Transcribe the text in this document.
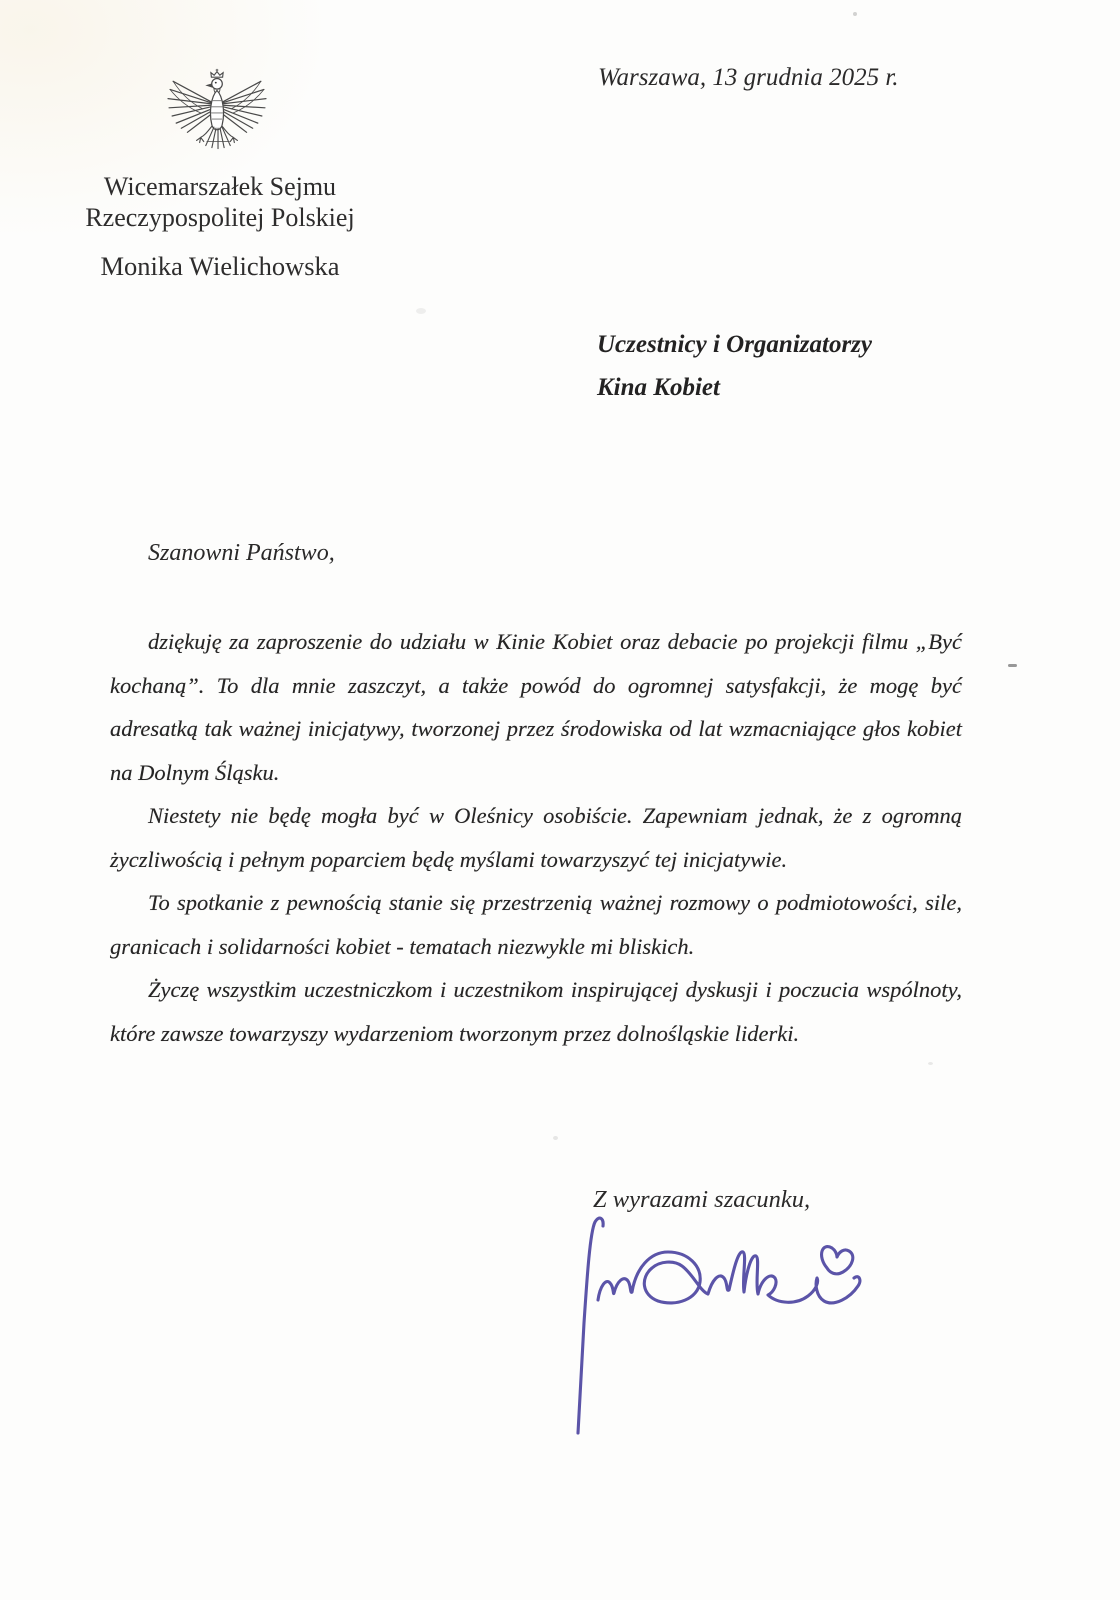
Warszawa, 13 grudnia 2025 r.
Wicemarszałek Sejmu
Rzeczypospolitej Polskiej
Monika Wielichowska
Uczestnicy i Organizatorzy
Kina Kobiet
Szanowni Państwo,

dziękuję za zaproszenie do udziału w Kinie Kobiet oraz debacie po projekcji filmu „Być kochaną”. To dla mnie zaszczyt, a także powód do ogromnej satysfakcji, że mogę być adresatką tak ważnej inicjatywy, tworzonej przez środowiska od lat wzmacniające głos kobiet na Dolnym Śląsku.

Niestety nie będę mogła być w Oleśnicy osobiście. Zapewniam jednak, że z ogromną życzliwością i pełnym poparciem będę myślami towarzyszyć tej inicjatywie.

To spotkanie z pewnością stanie się przestrzenią ważnej rozmowy o podmiotowości, sile, granicach i solidarności kobiet - tematach niezwykle mi bliskich.

Życzę wszystkim uczestniczkom i uczestnikom inspirującej dyskusji i poczucia wspólnoty, które zawsze towarzyszy wydarzeniom tworzonym przez dolnośląskie liderki.

Z wyrazami szacunku,
